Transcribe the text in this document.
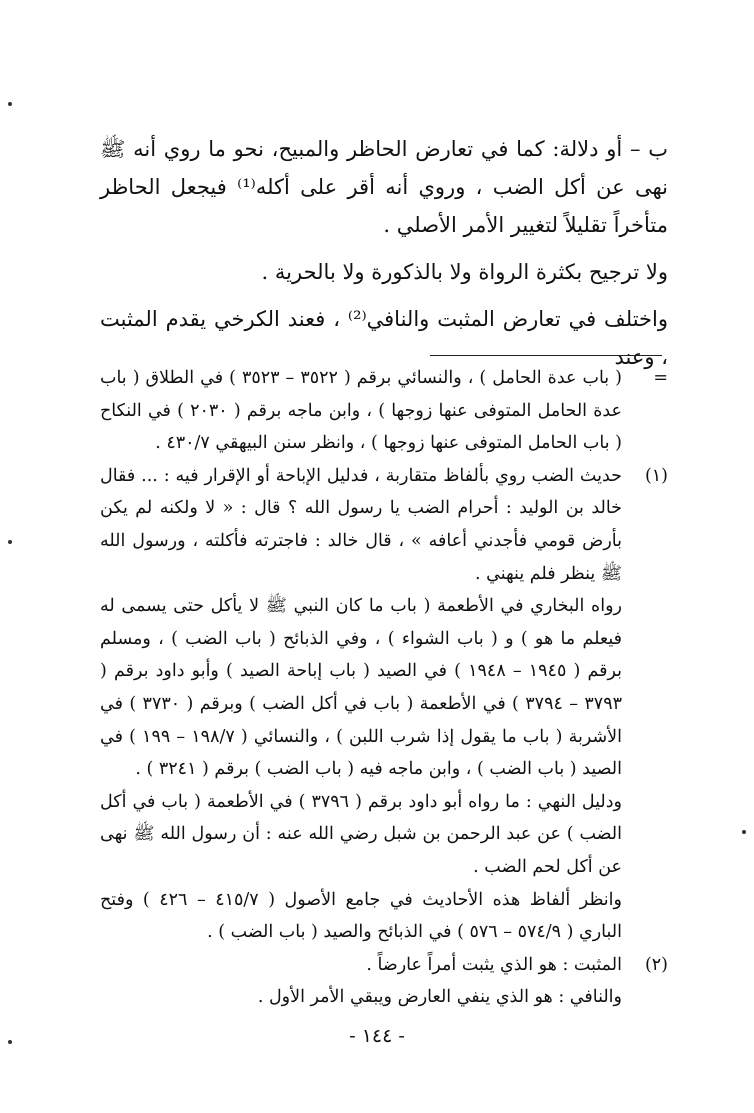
ب – أو دلالة: كما في تعارض الحاظر والمبيح، نحو ما روي أنه ﷺ نهى عن أكل الضب ، وروي أنه أقر على أكله⁽¹⁾ فيجعل الحاظر متأخراً تقليلاً لتغيير الأمر الأصلي .

ولا ترجيح بكثرة الرواة ولا بالذكورة ولا بالحرية .

واختلف في تعارض المثبت والنافي⁽²⁾ ، فعند الكرخي يقدم المثبت ، وعند

=

( باب عدة الحامل ) ، والنسائي برقم ( ٣٥٢٢ – ٣٥٢٣ ) في الطلاق ( باب عدة الحامل المتوفى عنها زوجها ) ، وابن ماجه برقم ( ٢٠٣٠ ) في النكاح ( باب الحامل المتوفى عنها زوجها ) ، وانظر سنن البيهقي ٤٣٠/٧ .

(١)

حديث الضب روي بألفاظ متقاربة ، فدليل الإباحة أو الإقرار فيه : ... فقال خالد بن الوليد : أحرام الضب يا رسول الله ؟ قال : « لا ولكنه لم يكن بأرض قومي فأجدني أعافه » ، قال خالد : فاجترته فأكلته ، ورسول الله ﷺ ينظر فلم ينهني .

رواه البخاري في الأطعمة ( باب ما كان النبي ﷺ لا يأكل حتى يسمى له فيعلم ما هو ) و ( باب الشواء ) ، وفي الذبائح ( باب الضب ) ، ومسلم برقم ( ١٩٤٥ – ١٩٤٨ ) في الصيد ( باب إباحة الصيد ) وأبو داود برقم ( ٣٧٩٣ – ٣٧٩٤ ) في الأطعمة ( باب في أكل الضب ) وبرقم ( ٣٧٣٠ ) في الأشربة ( باب ما يقول إذا شرب اللبن ) ، والنسائي ( ١٩٨/٧ – ١٩٩ ) في الصيد ( باب الضب ) ، وابن ماجه فيه ( باب الضب ) برقم ( ٣٢٤١ ) .

ودليل النهي : ما رواه أبو داود برقم ( ٣٧٩٦ ) في الأطعمة ( باب في أكل الضب ) عن عبد الرحمن بن شبل رضي الله عنه : أن رسول الله ﷺ نهى عن أكل لحم الضب .

وانظر ألفاظ هذه الأحاديث في جامع الأصول ( ٤١٥/٧ – ٤٢٦ ) وفتح الباري ( ٥٧٤/٩ – ٥٧٦ ) في الذبائح والصيد ( باب الضب ) .

(٢)

المثبت : هو الذي يثبت أمراً عارضاً .

والنافي : هو الذي ينفي العارض ويبقي الأمر الأول .

- ١٤٤ -
